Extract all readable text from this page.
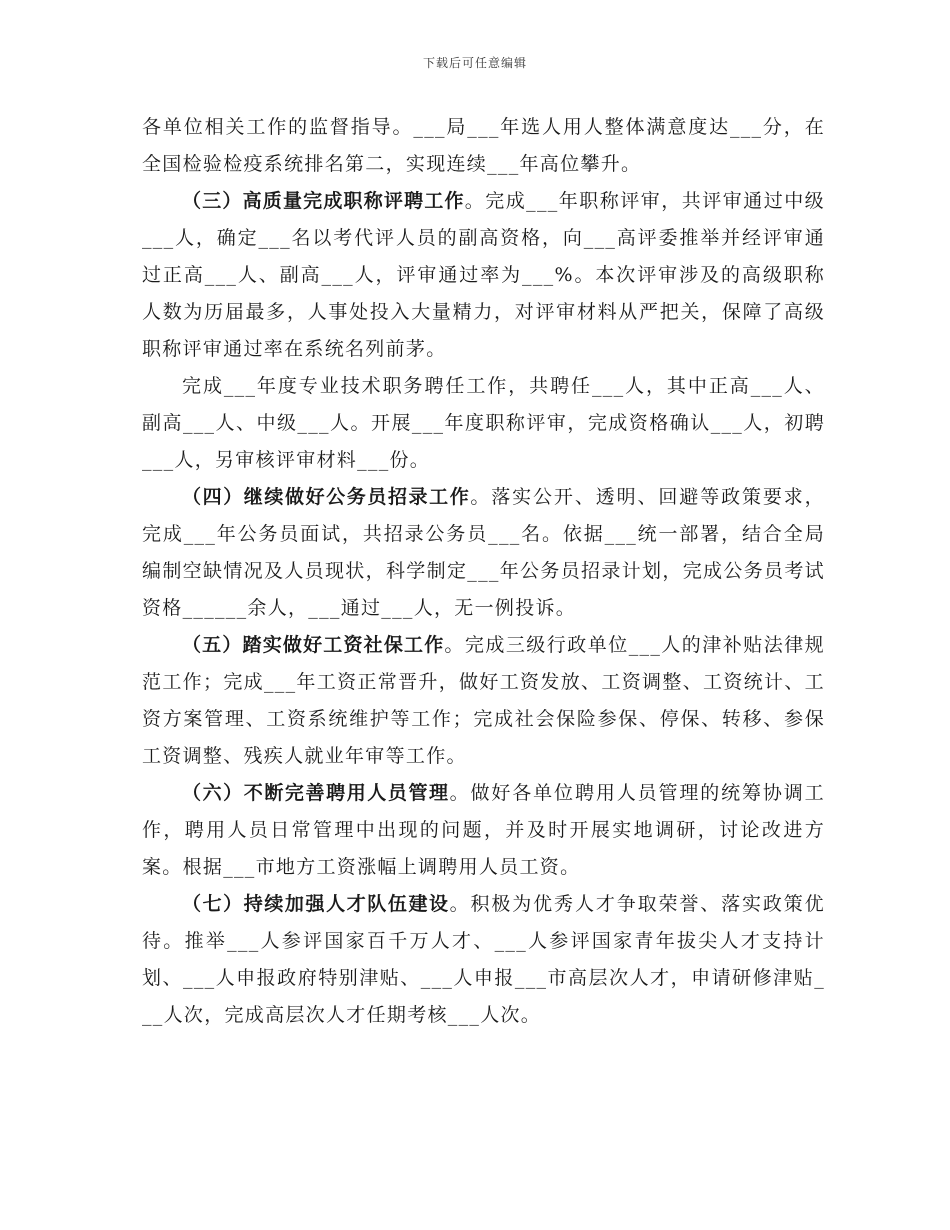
下载后可任意编辑

各单位相关工作的监督指导。___局___年选人用人整体满意度达___分，在全国检验检疫系统排名第二，实现连续___年高位攀升。

（三）高质量完成职称评聘工作。完成___年职称评审，共评审通过中级___人，确定___名以考代评人员的副高资格，向___高评委推举并经评审通过正高___人、副高___人，评审通过率为___%。本次评审涉及的高级职称人数为历届最多，人事处投入大量精力，对评审材料从严把关，保障了高级职称评审通过率在系统名列前茅。

完成___年度专业技术职务聘任工作，共聘任___人，其中正高___人、副高___人、中级___人。开展___年度职称评审，完成资格确认___人，初聘___人，另审核评审材料___份。

（四）继续做好公务员招录工作。落实公开、透明、回避等政策要求，完成___年公务员面试，共招录公务员___名。依据___统一部署，结合全局编制空缺情况及人员现状，科学制定___年公务员招录计划，完成公务员考试资格______余人，___通过___人，无一例投诉。

（五）踏实做好工资社保工作。完成三级行政单位___人的津补贴法律规范工作；完成___年工资正常晋升，做好工资发放、工资调整、工资统计、工资方案管理、工资系统维护等工作；完成社会保险参保、停保、转移、参保工资调整、残疾人就业年审等工作。

（六）不断完善聘用人员管理。做好各单位聘用人员管理的统筹协调工作，聘用人员日常管理中出现的问题，并及时开展实地调研，讨论改进方案。根据___市地方工资涨幅上调聘用人员工资。

（七）持续加强人才队伍建设。积极为优秀人才争取荣誉、落实政策优待。推举___人参评国家百千万人才、___人参评国家青年拔尖人才支持计划、___人申报政府特别津贴、___人申报___市高层次人才，申请研修津贴___人次，完成高层次人才任期考核___人次。
